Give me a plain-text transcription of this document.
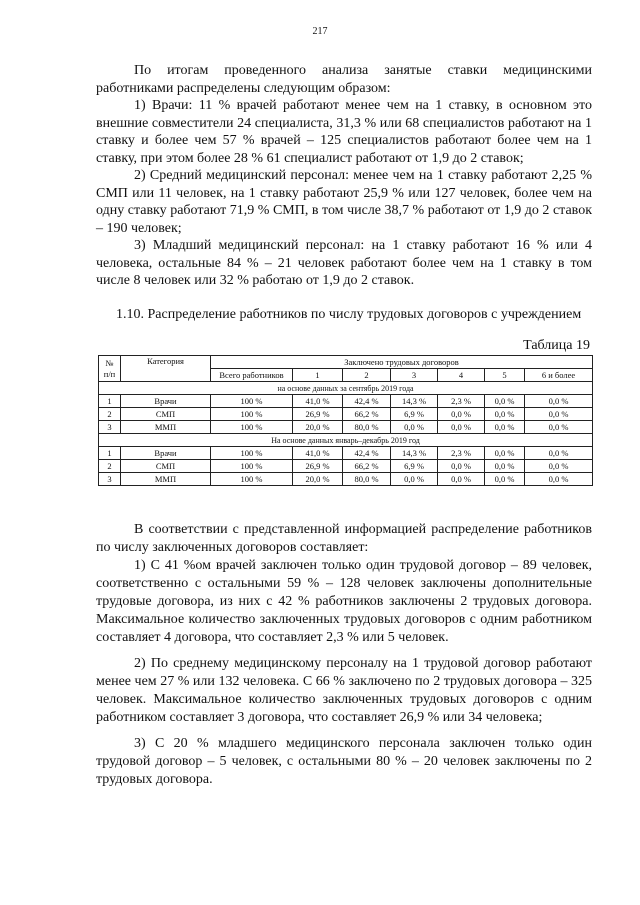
217

По итогам проведенного анализа занятые ставки медицинскими работниками распределены следующим образом:

1) Врачи: 11 % врачей работают менее чем на 1 ставку, в основном это внешние совместители 24 специалиста, 31,3 % или 68 специалистов работают на 1 ставку и более чем 57 % врачей – 125 специалистов работают более чем на 1 ставку, при этом более 28 % 61 специалист работают от 1,9 до 2 ставок;

2) Средний медицинский персонал: менее чем на 1 ставку работают 2,25 % СМП или 11 человек, на 1 ставку работают 25,9 % или 127 человек, более чем на одну ставку работают 71,9 % СМП, в том числе 38,7 % работают от 1,9 до 2 ставок – 190 человек;

3) Младший медицинский персонал: на 1 ставку работают 16 % или 4 человека, остальные 84 % – 21 человек работают более чем на 1 ставку в том числе 8 человек или 32 % работаю от 1,9 до 2 ставок.

1.10. Распределение работников по числу трудовых договоров с учреждением
Таблица 19
№ п/п	Категория	Заключено трудовых договоров						
		Всего работников	1	2	3	4	5	6 и более
на основе данных за сентябрь 2019 года								
1	Врачи	100 %	41,0 %	42,4 %	14,3 %	2,3 %	0,0 %	0,0 %
2	СМП	100 %	26,9 %	66,2 %	6,9 %	0,0 %	0,0 %	0,0 %
3	ММП	100 %	20,0 %	80,0 %	0,0 %	0,0 %	0,0 %	0,0 %
На основе данных январь–декабрь 2019 год								
1	Врачи	100 %	41,0 %	42,4 %	14,3 %	2,3 %	0,0 %	0,0 %
2	СМП	100 %	26,9 %	66,2 %	6,9 %	0,0 %	0,0 %	0,0 %
3	ММП	100 %	20,0 %	80,0 %	0,0 %	0,0 %	0,0 %	0,0 %

В соответствии с представленной информацией распределение работников по числу заключенных договоров составляет:

1) С 41 %ом врачей заключен только один трудовой договор – 89 человек, соответственно с остальными 59 % – 128 человек заключены дополнительные трудовые договора, из них с 42 % работников заключены 2 трудовых договора. Максимальное количество заключенных трудовых договоров с одним работником составляет 4 договора, что составляет 2,3 % или 5 человек.

2) По среднему медицинскому персоналу на 1 трудовой договор работают менее чем 27 % или 132 человека. С 66 % заключено по 2 трудовых договора – 325 человек. Максимальное количество заключенных трудовых договоров с одним работником составляет 3 договора, что составляет 26,9 % или 34 человека;

3) С 20 % младшего медицинского персонала заключен только один трудовой договор – 5 человек, с остальными 80 % – 20 человек заключены по 2 трудовых договора.
